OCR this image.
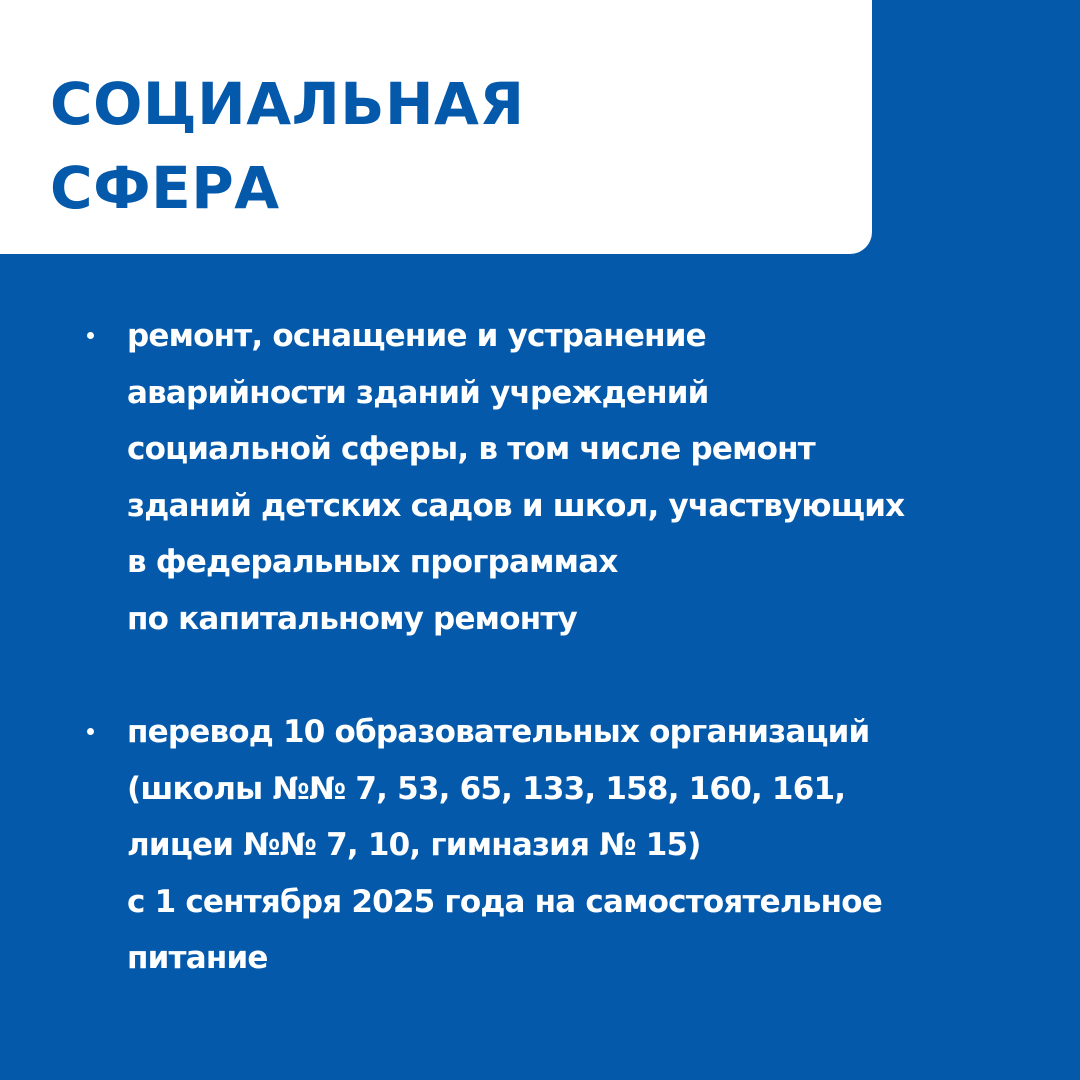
СОЦИАЛЬНАЯ
СФЕРА
ремонт, оснащение и устранение
аварийности зданий учреждений
социальной сферы, в том числе ремонт
зданий детских садов и школ, участвующих
в федеральных программах
по капитальному ремонту
перевод 10 образовательных организаций
(школы №№ 7, 53, 65, 133, 158, 160, 161,
лицеи №№ 7, 10, гимназия № 15)
с 1 сентября 2025 года на самостоятельное
питание
